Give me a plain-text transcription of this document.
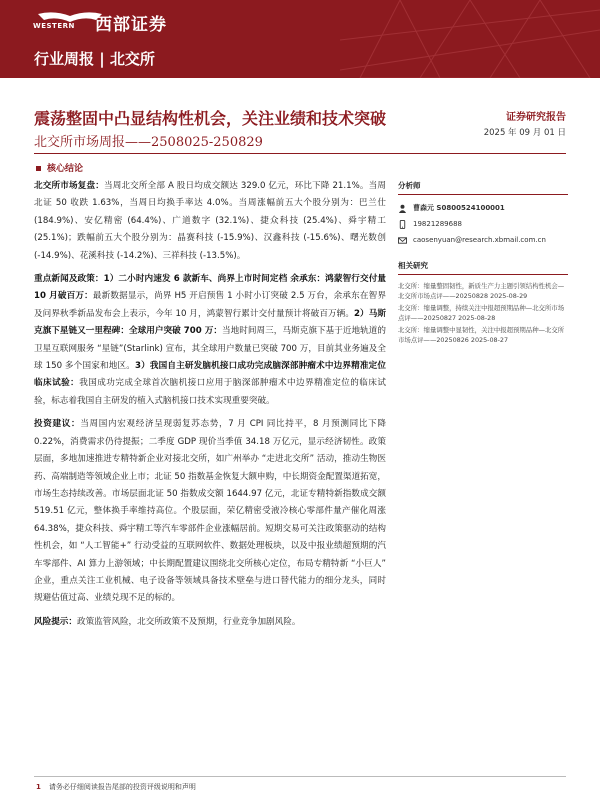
WESTERN 西部证券
行业周报 | 北交所
震荡整固中凸显结构性机会，关注业绩和技术突破	证券研究报告
北交所市场周报——2508025-250829
2025 年 09 月 01 日
核心结论

北交所市场复盘：当周北交所全部 A 股日均成交额达 329.0 亿元，环比下降 21.1%。当周北证 50 收跌 1.63%，当周日均换手率达 4.0%。当周涨幅前五大个股分别为：巴兰仕 (184.9%)、安亿精密 (64.4%)、广道数字 (32.1%)、捷众科技 (25.4%)、舜宇精工 (25.1%)；跌幅前五大个股分别为：晶赛科技 (-15.9%)、汉鑫科技 (-15.6%)、曙光数创 (-14.9%)、花溪科技 (-14.2%)、三祥科技 (-13.5%)。

重点新闻及政策：1）二小时内速发 6 款新车、尚界上市时间定档 余承东：鸿蒙智行交付量 10 月破百万：最新数据显示，尚界 H5 开启预售 1 小时小订突破 2.5 万台，余承东在智界及问界秋季新品发布会上表示，今年 10 月，鸿蒙智行累计交付量预计将破百万辆。2）马斯克旗下星链又一里程碑：全球用户突破 700 万：当地时间周三，马斯克旗下基于近地轨道的卫星互联网服务 “星链”(Starlink) 宣布，其全球用户数量已突破 700 万，目前其业务遍及全球 150 多个国家和地区。3）我国自主研发脑机接口成功完成脑深部肿瘤术中边界精准定位临床试验：我国成功完成全球首次脑机接口应用于脑深部肿瘤术中边界精准定位的临床试验，标志着我国自主研发的植入式脑机接口技术实现重要突破。

投资建议：当周国内宏观经济呈现弱复苏态势，7 月 CPI 同比持平，8 月预测同比下降 0.22%，消费需求仍待提振；二季度 GDP 现价当季值 34.18 万亿元，显示经济韧性。政策层面，多地加速推进专精特新企业对接北交所，如广州举办 “走进北交所” 活动，推动生物医药、高端制造等领域企业上市；北证 50 指数基金恢复大额申购，中长期资金配置渠道拓宽，市场生态持续改善。市场层面北证 50 指数成交额 1644.97 亿元，北证专精特新指数成交额 519.51 亿元，整体换手率维持高位。个股层面，荣亿精密受液冷核心零部件量产催化周涨 64.38%，捷众科技、舜宇精工等汽车零部件企业涨幅居前。短期交易可关注政策驱动的结构性机会，如 “人工智能+” 行动受益的互联网软件、数据处理板块，以及中报业绩超预期的汽车零部件、AI 算力上游领域；中长期配置建议围绕北交所核心定位，布局专精特新 “小巨人” 企业，重点关注工业机械、电子设备等领域具备技术壁垒与进口替代能力的细分龙头，同时规避估值过高、业绩兑现不足的标的。

风险提示：政策监管风险，北交所政策不及预期，行业竞争加剧风险。

分析师
曹森元 S0800524100001
19821289688
caosenyuan@research.xbmail.com.cn
相关研究
北交所：缩量整固韧性，新质生产力主题引领结构性机会—北交所市场点评——20250828 2025-08-29
北交所：缩量调整，持续关注中报超预期品种—北交所市场点评——20250827 2025-08-28
北交所：缩量调整中显韧性，关注中报超预期品种—北交所市场点评——20250826 2025-08-27
1 请务必仔细阅读报告尾部的投资评级说明和声明
